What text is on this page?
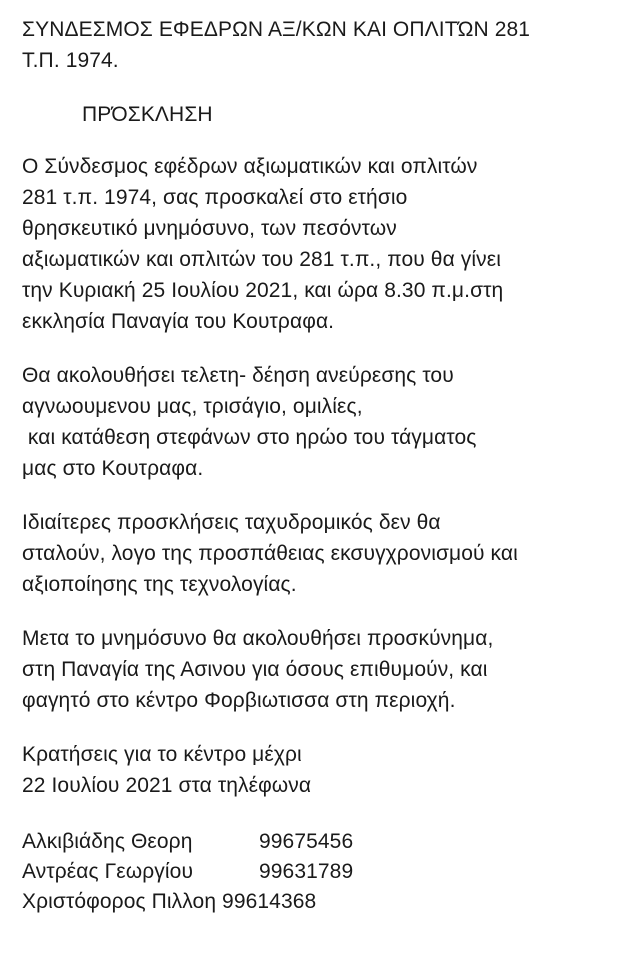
ΣΥΝΔΕΣΜΟΣ ΕΦΕΔΡΩΝ ΑΞ/ΚΩΝ ΚΑΙ ΟΠΛΙΤΏΝ 281
Τ.Π. 1974.
ΠΡΌΣΚΛΗΣΗ
Ο Σύνδεσμος εφέδρων αξιωματικών και οπλιτών
281 τ.π. 1974, σας προσκαλεί στο ετήσιο
θρησκευτικό μνημόσυνο, των πεσόντων
αξιωματικών και οπλιτών του 281 τ.π., που θα γίνει
την Κυριακή 25 Ιουλίου 2021, και ώρα 8.30 π.μ.στη
εκκλησία Παναγία του Κουτραφα.
Θα ακολουθήσει τελετη- δέηση ανεύρεσης του
αγνωουμενου μας, τρισάγιο, ομιλίες,
και κατάθεση στεφάνων στο ηρώο του τάγματος
μας στο Κουτραφα.
Ιδιαίτερες προσκλήσεις ταχυδρομικός δεν θα
σταλούν, λογο της προσπάθειας εκσυγχρονισμού και
αξιοποίησης της τεχνολογίας.
Μετα το μνημόσυνο θα ακολουθήσει προσκύνημα,
στη Παναγία της Ασινου για όσους επιθυμούν, και
φαγητό στο κέντρο Φορβιωτισσα στη περιοχή.
Κρατήσεις για το κέντρο μέχρι
22 Ιουλίου 2021 στα τηλέφωνα
Αλκιβιάδης Θεορη	99675456
Αντρέας Γεωργίου	99631789
Χριστόφορος Πιλλοη
99614368
